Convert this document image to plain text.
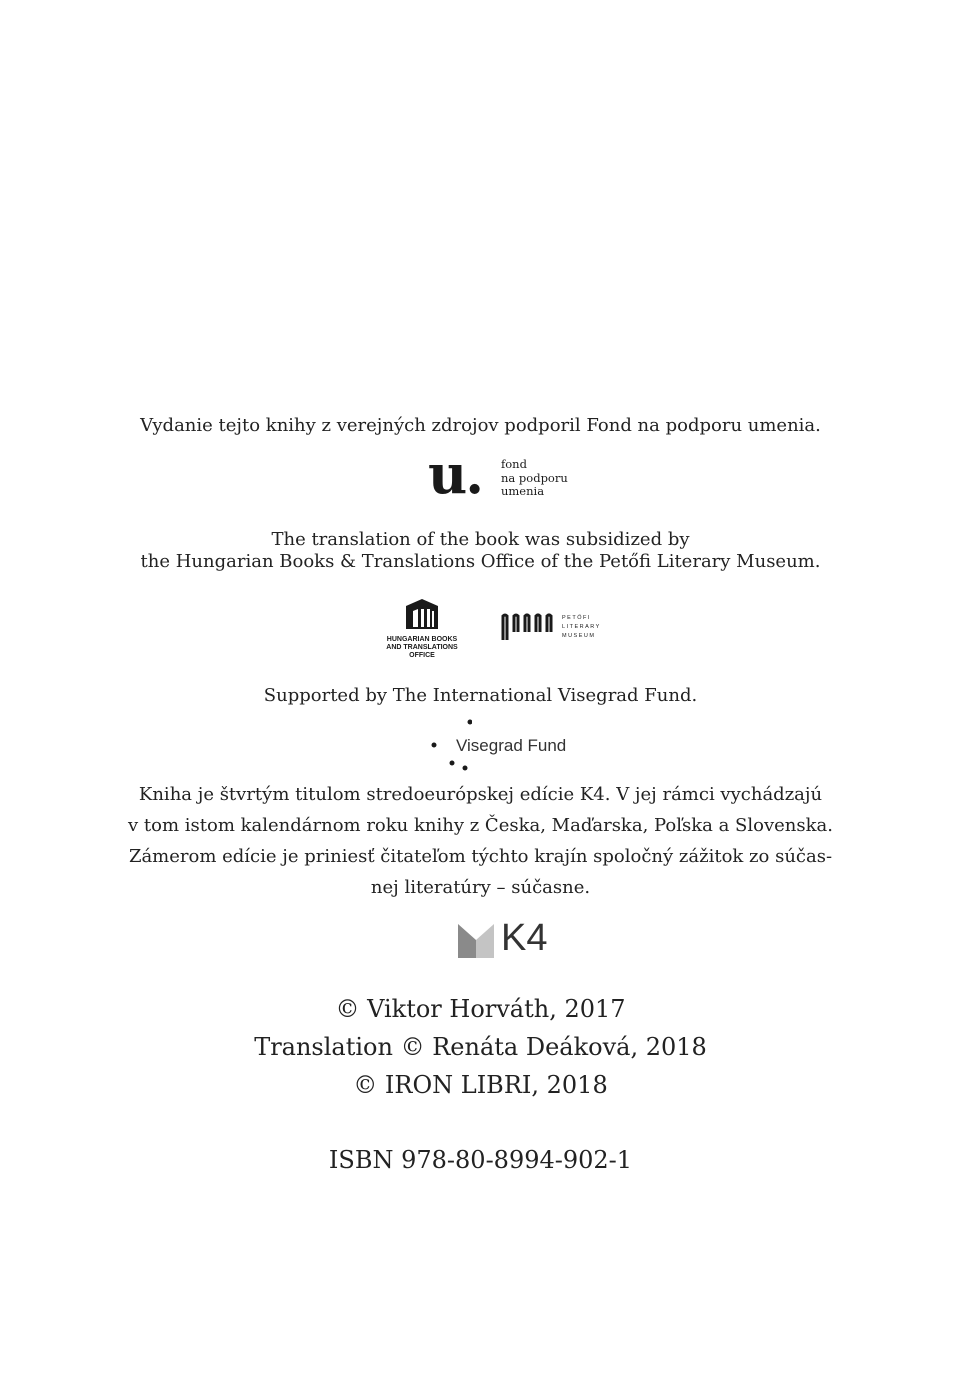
Vydanie tejto knihy z verejných zdrojov podporil Fond na podporu umenia.
u. fond
na podporu
umenia
The translation of the book was subsidized by
the Hungarian Books & Translations Office of the Petőfi Literary Museum.
HUNGARIAN BOOKS
AND TRANSLATIONS
OFFICE
PETŐFI
LITERARY
MUSEUM
Supported by The International Visegrad Fund.
Visegrad Fund
Kniha je štvrtým titulom stredoeurópskej edície K4. V jej rámci vychádzajú
v tom istom kalendárnom roku knihy z Česka, Maďarska, Poľska a Slovenska.
Zámerom edície je priniesť čitateľom týchto krajín spoločný zážitok zo súčas-
nej literatúry – súčasne.
K4
© Viktor Horváth, 2017
Translation © Renáta Deáková, 2018
© IRON LIBRI, 2018
ISBN 978-80-8994-902-1
